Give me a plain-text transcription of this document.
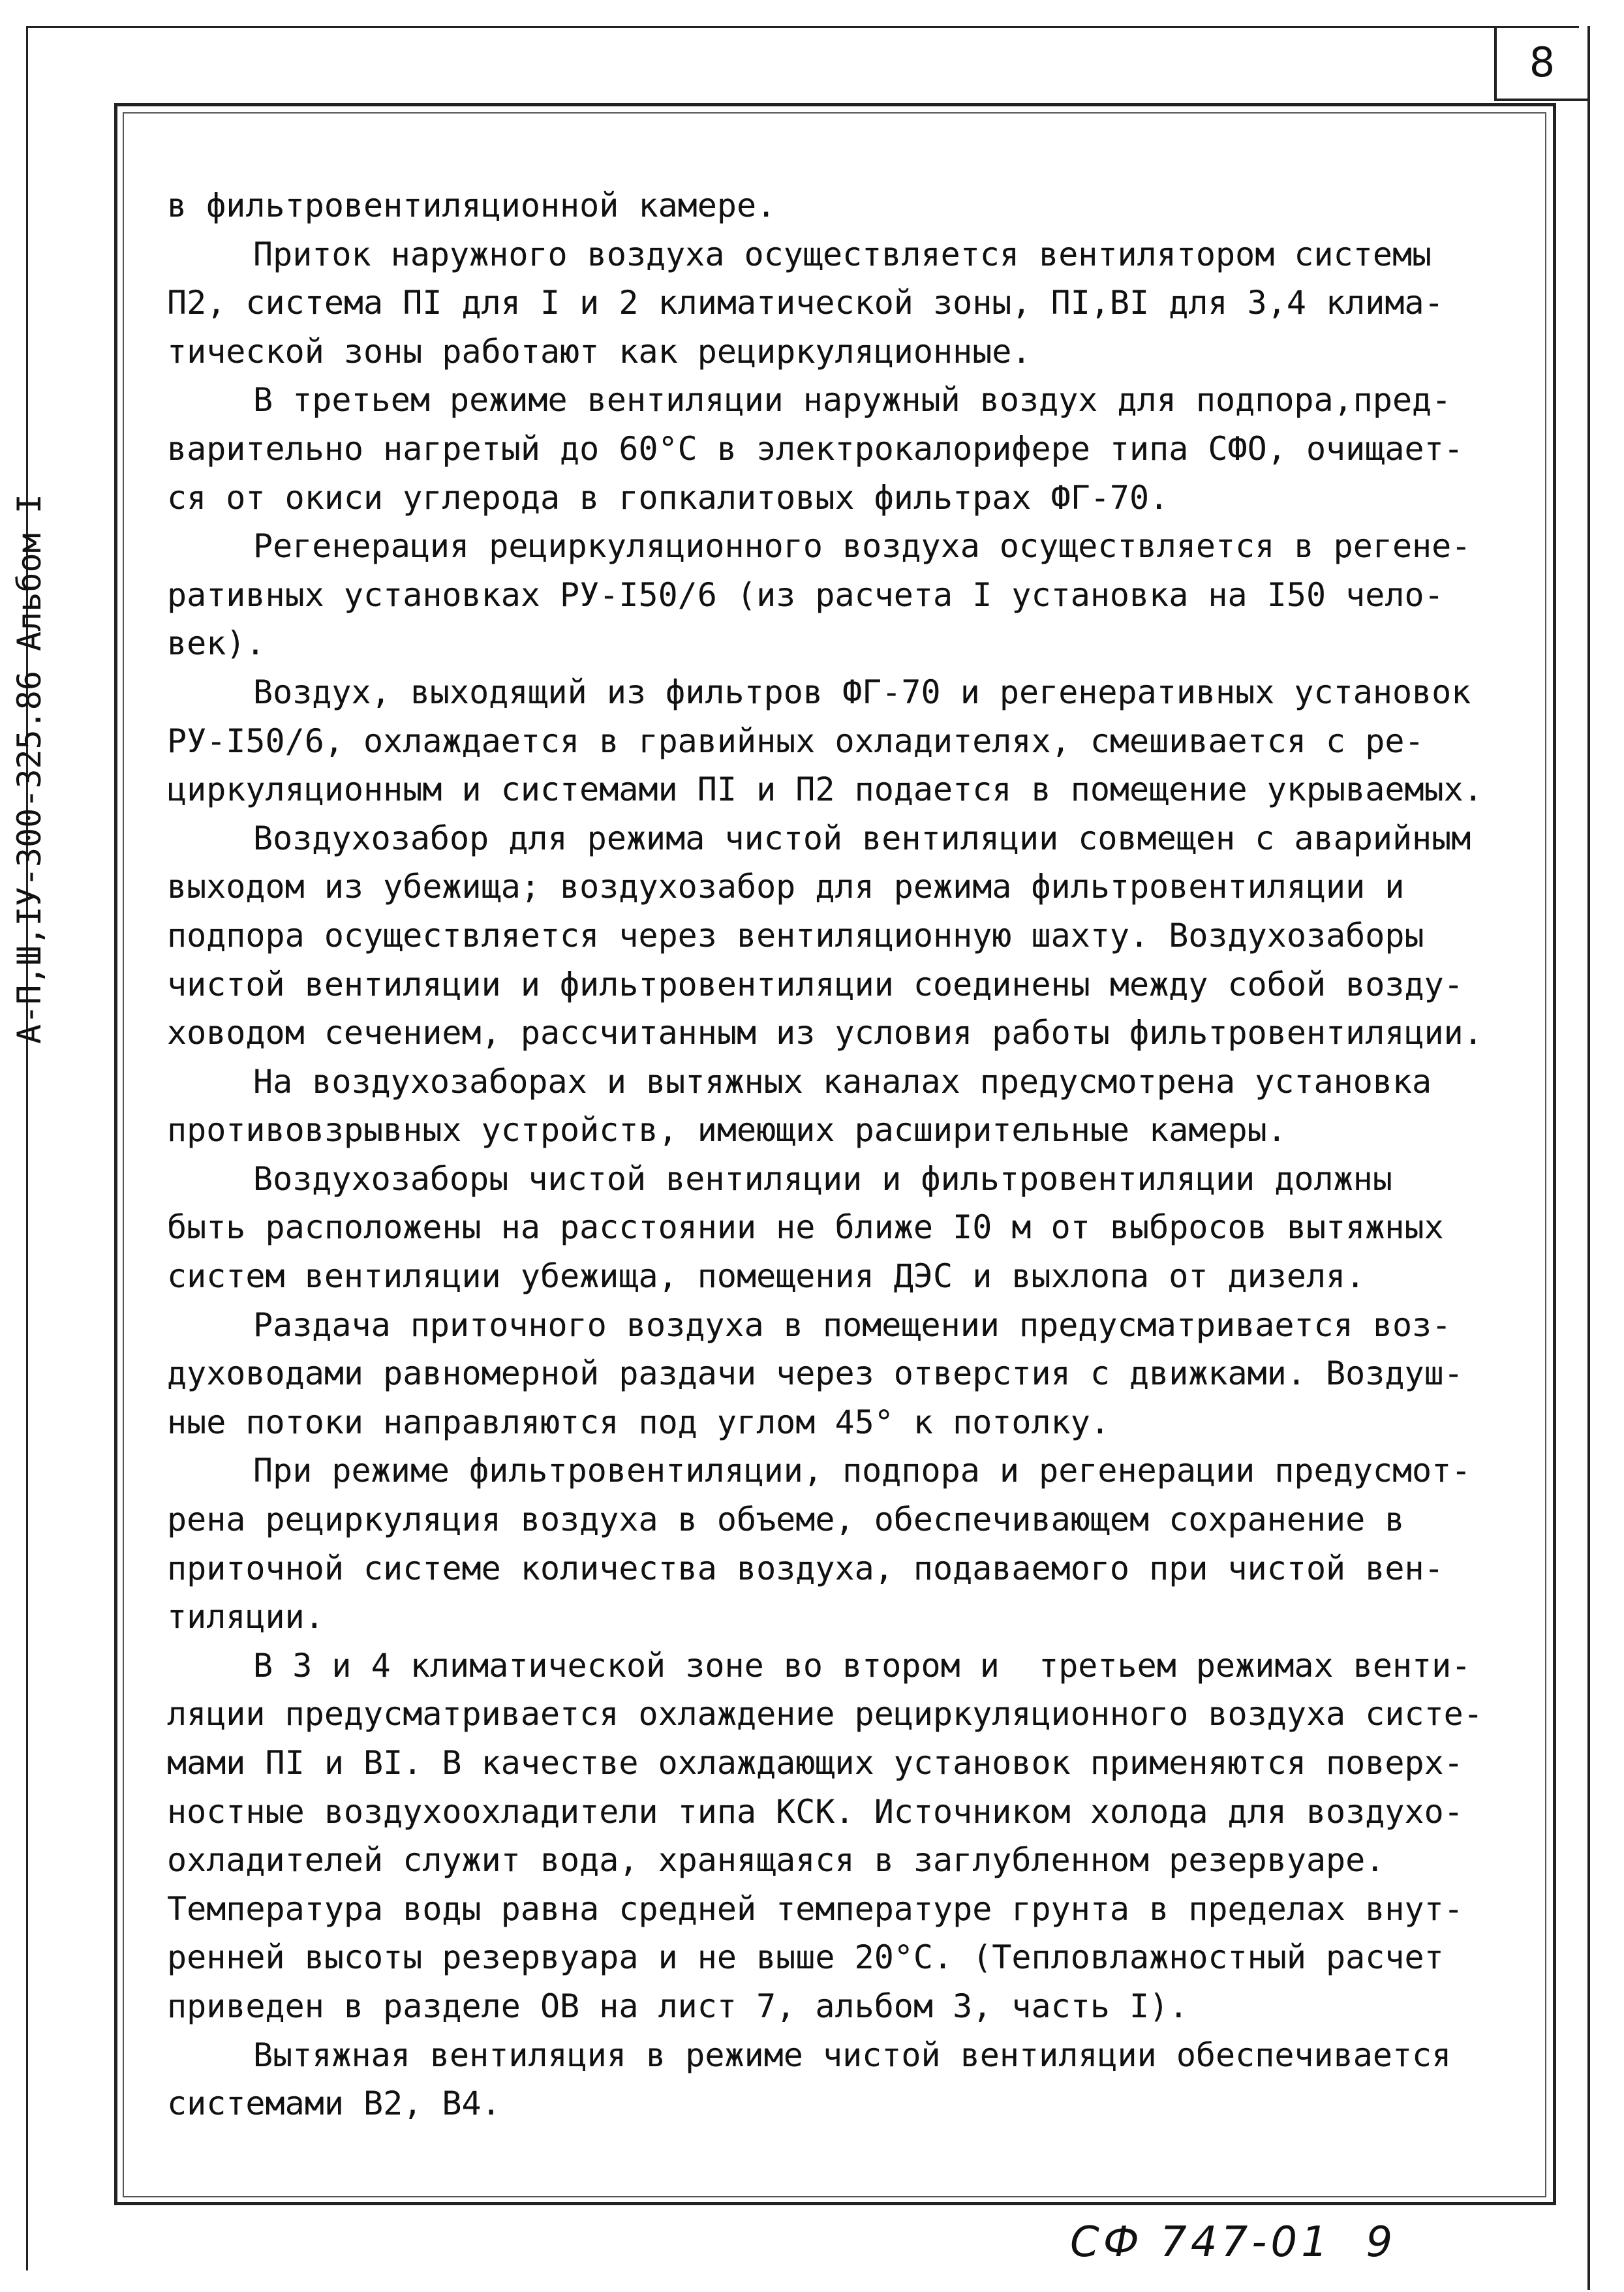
8
А-П,Ш,IУ-300-325.86 Альбом I
в фильтровентиляционной камере.
Приток наружного воздуха осуществляется вентилятором системы
П2, система ПI для I и 2 климатической зоны, ПI,ВI для 3,4 клима-
тической зоны работают как рециркуляционные.
В третьем режиме вентиляции наружный воздух для подпора,пред-
варительно нагретый до 60°С в электрокалорифере типа СФО, очищает-
ся от окиси углерода в гопкалитовых фильтрах ФГ-70.
Регенерация рециркуляционного воздуха осуществляется в регене-
ративных установках РУ-I50/6 (из расчета I установка на I50 чело-
век).
Воздух, выходящий из фильтров ФГ-70 и регенеративных установок
РУ-I50/6, охлаждается в гравийных охладителях, смешивается с ре-
циркуляционным и системами ПI и П2 подается в помещение укрываемых.
Воздухозабор для режима чистой вентиляции совмещен с аварийным
выходом из убежища; воздухозабор для режима фильтровентиляции и
подпора осуществляется через вентиляционную шахту. Воздухозаборы
чистой вентиляции и фильтровентиляции соединены между собой возду-
ховодом сечением, рассчитанным из условия работы фильтровентиляции.
На воздухозаборах и вытяжных каналах предусмотрена установка
противовзрывных устройств, имеющих расширительные камеры.
Воздухозаборы чистой вентиляции и фильтровентиляции должны
быть расположены на расстоянии не ближе I0 м от выбросов вытяжных
систем вентиляции убежища, помещения ДЭС и выхлопа от дизеля.
Раздача приточного воздуха в помещении предусматривается воз-
духоводами равномерной раздачи через отверстия с движками. Воздуш-
ные потоки направляются под углом 45° к потолку.
При режиме фильтровентиляции, подпора и регенерации предусмот-
рена рециркуляция воздуха в объеме, обеспечивающем сохранение в
приточной системе количества воздуха, подаваемого при чистой вен-
тиляции.
В 3 и 4 климатической зоне во втором и  третьем режимах венти-
ляции предусматривается охлаждение рециркуляционного воздуха систе-
мами ПI и ВI. В качестве охлаждающих установок применяются поверх-
ностные воздухоохладители типа КСК. Источником холода для воздухо-
охладителей служит вода, хранящаяся в заглубленном резервуаре.
Температура воды равна средней температуре грунта в пределах внут-
ренней высоты резервуара и не выше 20°С. (Тепловлажностный расчет
приведен в разделе ОВ на лист 7, альбом 3, часть I).
Вытяжная вентиляция в режиме чистой вентиляции обеспечивается
системами В2, В4.
СФ 747-01  9
